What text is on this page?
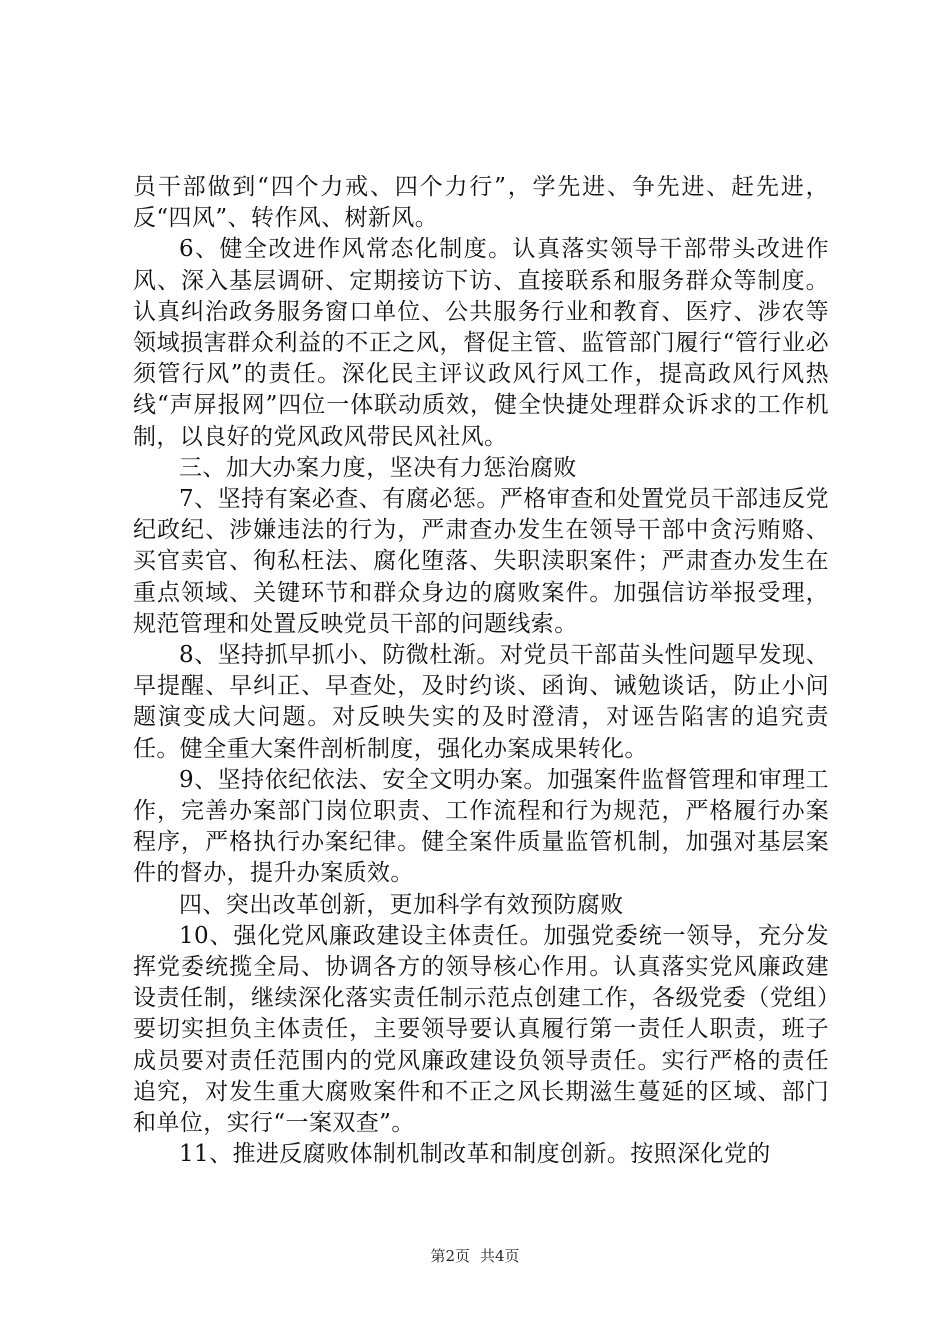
员干部做到“四个力戒、四个力行”，学先进、争先进、赶先进，反“四风”、转作风、树新风。

6、健全改进作风常态化制度。认真落实领导干部带头改进作风、深入基层调研、定期接访下访、直接联系和服务群众等制度。认真纠治政务服务窗口单位、公共服务行业和教育、医疗、涉农等领域损害群众利益的不正之风，督促主管、监管部门履行“管行业必须管行风”的责任。深化民主评议政风行风工作，提高政风行风热线“声屏报网”四位一体联动质效，健全快捷处理群众诉求的工作机制，以良好的党风政风带民风社风。

三、加大办案力度，坚决有力惩治腐败

7、坚持有案必查、有腐必惩。严格审查和处置党员干部违反党纪政纪、涉嫌违法的行为，严肃查办发生在领导干部中贪污贿赂、买官卖官、徇私枉法、腐化堕落、失职渎职案件；严肃查办发生在重点领域、关键环节和群众身边的腐败案件。加强信访举报受理，规范管理和处置反映党员干部的问题线索。

8、坚持抓早抓小、防微杜渐。对党员干部苗头性问题早发现、早提醒、早纠正、早查处，及时约谈、函询、诫勉谈话，防止小问题演变成大问题。对反映失实的及时澄清，对诬告陷害的追究责任。健全重大案件剖析制度，强化办案成果转化。

9、坚持依纪依法、安全文明办案。加强案件监督管理和审理工作，完善办案部门岗位职责、工作流程和行为规范，严格履行办案程序，严格执行办案纪律。健全案件质量监管机制，加强对基层案件的督办，提升办案质效。

四、突出改革创新，更加科学有效预防腐败

10、强化党风廉政建设主体责任。加强党委统一领导，充分发挥党委统揽全局、协调各方的领导核心作用。认真落实党风廉政建设责任制，继续深化落实责任制示范点创建工作，各级党委（党组）要切实担负主体责任，主要领导要认真履行第一责任人职责，班子成员要对责任范围内的党风廉政建设负领导责任。实行严格的责任追究，对发生重大腐败案件和不正之风长期滋生蔓延的区域、部门和单位，实行“一案双查”。

11、推进反腐败体制机制改革和制度创新。按照深化党的

第2页 共4页
